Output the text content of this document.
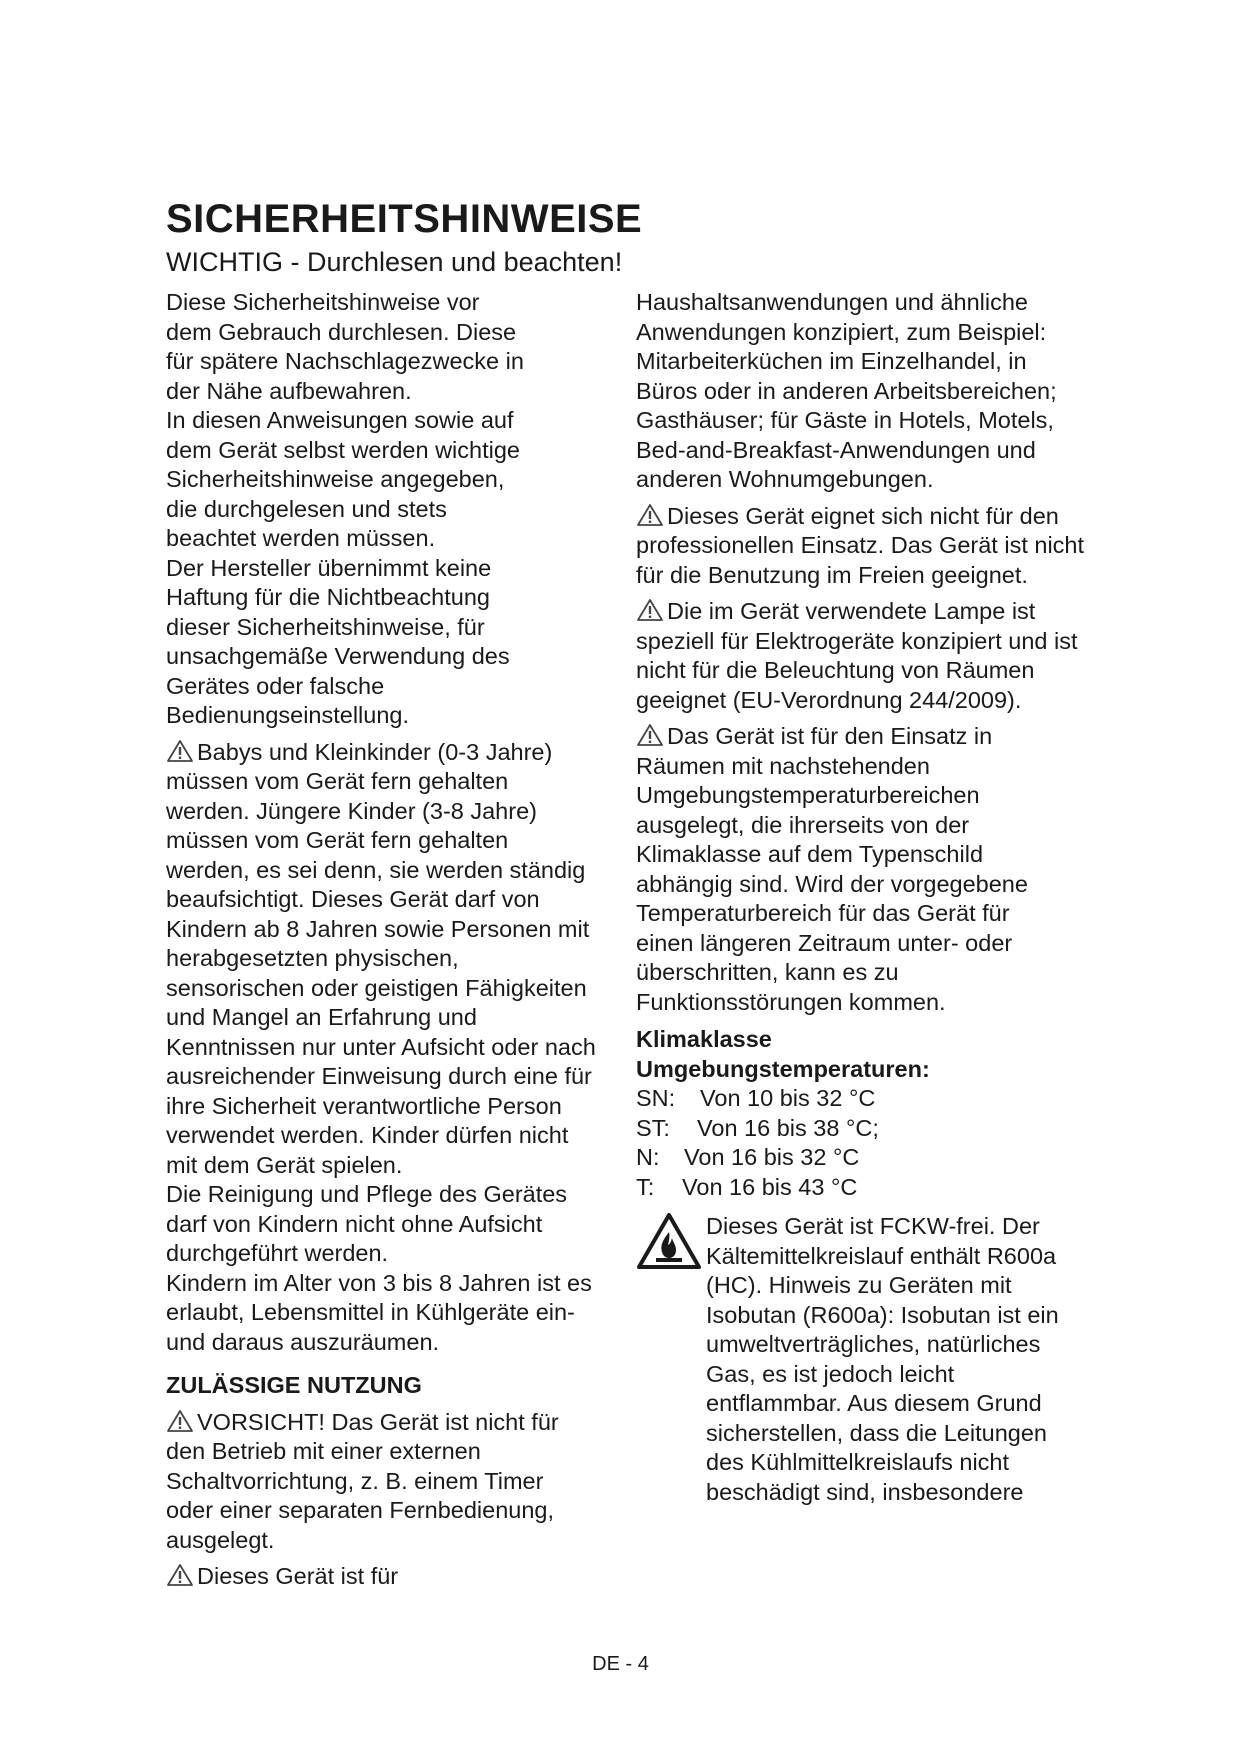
SICHERHEITSHINWEISE
WICHTIG - Durchlesen und beachten!

Diese Sicherheitshinweise vor dem Gebrauch durchlesen. Diese für spätere Nachschlagezwecke in der Nähe aufbewahren.

In diesen Anweisungen sowie auf dem Gerät selbst werden wichtige Sicherheitshinweise angegeben, die durchgelesen und stets beachtet werden müssen.

Der Hersteller übernimmt keine Haftung für die Nichtbeachtung dieser Sicherheitshinweise, für unsachgemäße Verwendung des Gerätes oder falsche Bedienungseinstellung.

Babys und Kleinkinder (0-3 Jahre) müssen vom Gerät fern gehalten werden. Jüngere Kinder (3-8 Jahre) müssen vom Gerät fern gehalten werden, es sei denn, sie werden ständig beaufsichtigt. Dieses Gerät darf von Kindern ab 8 Jahren sowie Personen mit herabgesetzten physischen, sensorischen oder geistigen Fähigkeiten und Mangel an Erfahrung und Kenntnissen nur unter Aufsicht oder nach ausreichender Einweisung durch eine für ihre Sicherheit verantwortliche Person verwendet werden. Kinder dürfen nicht mit dem Gerät spielen.

Die Reinigung und Pflege des Gerätes darf von Kindern nicht ohne Aufsicht durchgeführt werden.

Kindern im Alter von 3 bis 8 Jahren ist es erlaubt, Lebensmittel in Kühlgeräte ein- und daraus auszuräumen.

ZULÄSSIGE NUTZUNG

VORSICHT! Das Gerät ist nicht für den Betrieb mit einer externen Schaltvorrichtung, z. B. einem Timer oder einer separaten Fernbedienung, ausgelegt.

Dieses Gerät ist für

Haushaltsanwendungen und ähnliche Anwendungen konzipiert, zum Beispiel: Mitarbeiterküchen im Einzelhandel, in Büros oder in anderen Arbeitsbereichen; Gasthäuser; für Gäste in Hotels, Motels, Bed-and-Breakfast-Anwendungen und anderen Wohnumgebungen.

Dieses Gerät eignet sich nicht für den professionellen Einsatz. Das Gerät ist nicht für die Benutzung im Freien geeignet.

Die im Gerät verwendete Lampe ist speziell für Elektrogeräte konzipiert und ist nicht für die Beleuchtung von Räumen geeignet (EU-Verordnung 244/2009).

Das Gerät ist für den Einsatz in Räumen mit nachstehenden Umgebungstemperaturbereichen ausgelegt, die ihrerseits von der Klimaklasse auf dem Typenschild abhängig sind. Wird der vorgegebene Temperaturbereich für das Gerät für einen längeren Zeitraum unter- oder überschritten, kann es zu Funktionsstörungen kommen.

Klimaklasse

Umgebungstemperaturen:

SN:	Von 10 bis 32 °C
ST:	Von 16 bis 38 °C;
N:	Von 16 bis 32 °C
T:	Von 16 bis 43 °C

Dieses Gerät ist FCKW-frei. Der Kältemittelkreislauf enthält R600a (HC). Hinweis zu Geräten mit Isobutan (R600a): Isobutan ist ein umweltverträgliches, natürliches Gas, es ist jedoch leicht entflammbar. Aus diesem Grund sicherstellen, dass die Leitungen des Kühlmittelkreislaufs nicht beschädigt sind, insbesondere

DE - 4
